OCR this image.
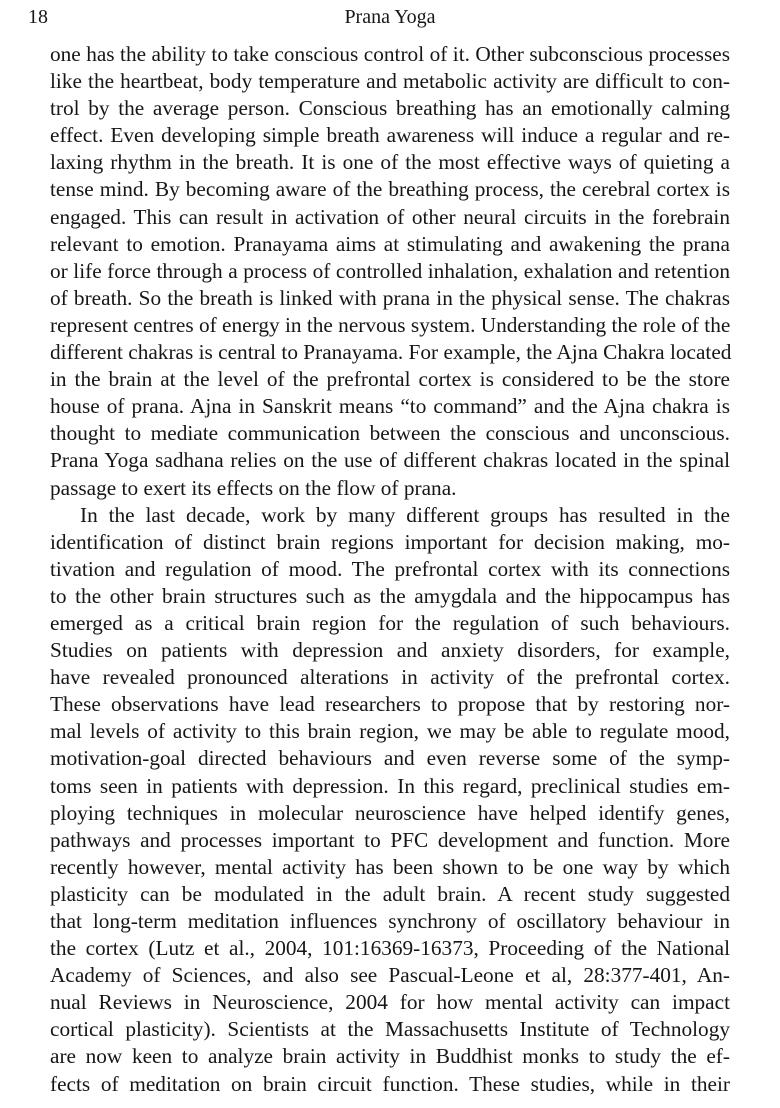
18	Prana Yoga
one has the ability to take conscious control of it. Other subconscious processes
like the heartbeat, body temperature and metabolic activity are difficult to con-
trol by the average person. Conscious breathing has an emotionally calming
effect. Even developing simple breath awareness will induce a regular and re-
laxing rhythm in the breath. It is one of the most effective ways of quieting a
tense mind. By becoming aware of the breathing process, the cerebral cortex is
engaged. This can result in activation of other neural circuits in the forebrain
relevant to emotion. Pranayama aims at stimulating and awakening the prana
or life force through a process of controlled inhalation, exhalation and retention
of breath. So the breath is linked with prana in the physical sense. The chakras
represent centres of energy in the nervous system. Understanding the role of the
different chakras is central to Pranayama. For example, the Ajna Chakra located
in the brain at the level of the prefrontal cortex is considered to be the store
house of prana. Ajna in Sanskrit means “to command” and the Ajna chakra is
thought to mediate communication between the conscious and unconscious.
Prana Yoga sadhana relies on the use of different chakras located in the spinal
passage to exert its effects on the flow of prana.
In the last decade, work by many different groups has resulted in the
identification of distinct brain regions important for decision making, mo-
tivation and regulation of mood. The prefrontal cortex with its connections
to the other brain structures such as the amygdala and the hippocampus has
emerged as a critical brain region for the regulation of such behaviours.
Studies on patients with depression and anxiety disorders, for example,
have revealed pronounced alterations in activity of the prefrontal cortex.
These observations have lead researchers to propose that by restoring nor-
mal levels of activity to this brain region, we may be able to regulate mood,
motivation-goal directed behaviours and even reverse some of the symp-
toms seen in patients with depression. In this regard, preclinical studies em-
ploying techniques in molecular neuroscience have helped identify genes,
pathways and processes important to PFC development and function. More
recently however, mental activity has been shown to be one way by which
plasticity can be modulated in the adult brain. A recent study suggested
that long-term meditation influences synchrony of oscillatory behaviour in
the cortex (Lutz et al., 2004, 101:16369-16373, Proceeding of the National
Academy of Sciences, and also see Pascual-Leone et al, 28:377-401, An-
nual Reviews in Neuroscience, 2004 for how mental activity can impact
cortical plasticity). Scientists at the Massachusetts Institute of Technology
are now keen to analyze brain activity in Buddhist monks to study the ef-
fects of meditation on brain circuit function. These studies, while in their
